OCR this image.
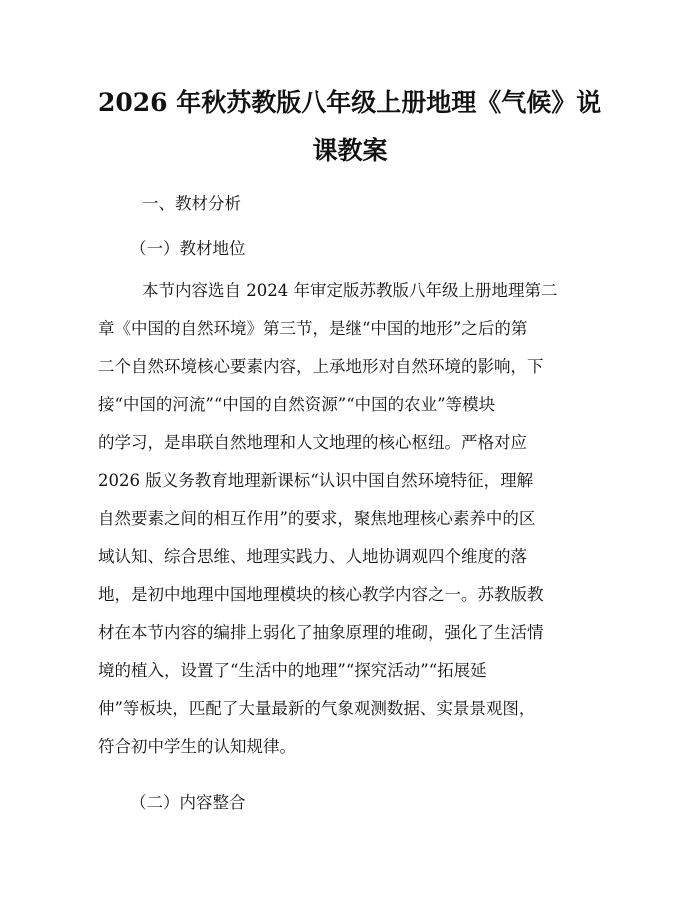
2026 年秋苏教版八年级上册地理《气候》说
课教案
一、教材分析
（一）教材地位
本节内容选自 2024 年审定版苏教版八年级上册地理第二
章《中国的自然环境》第三节，是继“中国的地形”之后的第
二个自然环境核心要素内容，上承地形对自然环境的影响，下
接“中国的河流”“中国的自然资源”“中国的农业”等模块
的学习，是串联自然地理和人文地理的核心枢纽。严格对应
2026 版义务教育地理新课标“认识中国自然环境特征，理解
自然要素之间的相互作用”的要求，聚焦地理核心素养中的区
域认知、综合思维、地理实践力、人地协调观四个维度的落
地，是初中地理中国地理模块的核心教学内容之一。苏教版教
材在本节内容的编排上弱化了抽象原理的堆砌，强化了生活情
境的植入，设置了“生活中的地理”“探究活动”“拓展延
伸”等板块，匹配了大量最新的气象观测数据、实景景观图，
符合初中学生的认知规律。
（二）内容整合
